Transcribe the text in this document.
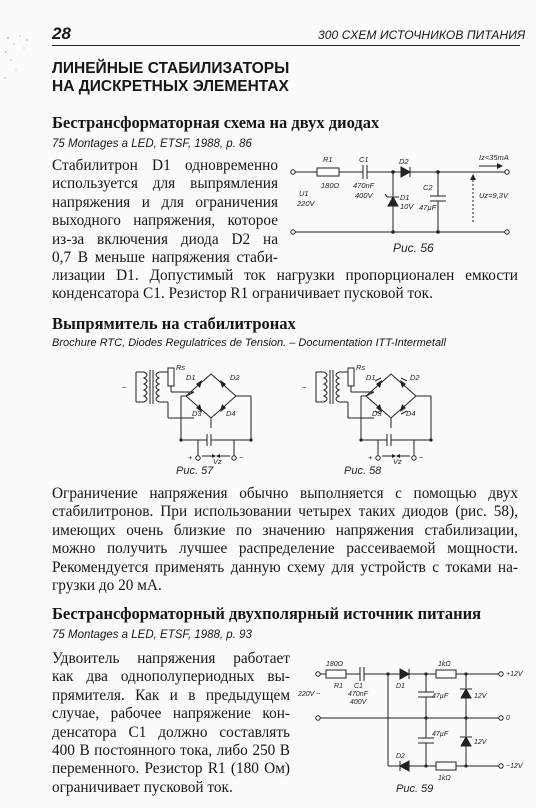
28	300 СХЕМ ИСТОЧНИКОВ ПИТАНИЯ
ЛИНЕЙНЫЕ СТАБИЛИЗАТОРЫ
НА ДИСКРЕТНЫХ ЭЛЕМЕНТАХ
Бестрансформаторная схема на двух диодах
75 Montages a LED, ETSF, 1988, p. 86
Стабилитрон D1 одновременно
используется для выпрямления
напряжения и для ограничения
выходного напряжения, которое
из-за включения диода D2 на
0,7 В меньше напряжения стаби-
лизации D1. Допустимый ток нагрузки пропорционален емкости
конденсатора C1. Резистор R1 ограничивает пусковой ток.
R1
180Ω
C1
470nF
400V
D2
D1
10V
C2
47µF
U1
220V
Iz<35mA
Uz=9,3V
Рис. 56
Выпрямитель на стабилитронах
Brochure RTC, Diodes Regulatrices de Tension. – Documentation ITT-Intermetall
~
Rs
D1	D2
D3	D4
+	−
Vz
Рис. 57
~
Rs
D1	D2
D3	D4
+	−
Vz
Рис. 58
Ограничение напряжения обычно выполняется с помощью двух
стабилитронов. При использовании четырех таких диодов (рис. 58),
имеющих очень близкие по значению напряжения стабилизации,
можно получить лучшее распределение рассеиваемой мощности.
Рекомендуется применять данную схему для устройств с токами на-
грузки до 20 мА.
Бестрансформаторный двухполярный источник питания
75 Montages a LED, ETSF, 1988, p. 93
Удвоитель напряжения работает
как два однополупериодных вы-
прямителя. Как и в предыдущем
случае, рабочее напряжение кон-
денсатора C1 должно составлять
400 В постоянного тока, либо 250 В
переменного. Резистор R1 (180 Ом)
ограничивает пусковой ток.
180Ω
R1 C1
470nF
400V
220V ~
D1
D2
1kΩ
1kΩ
47µF
47µF
12V
12V
+12V
0
−12V
Рис. 59
